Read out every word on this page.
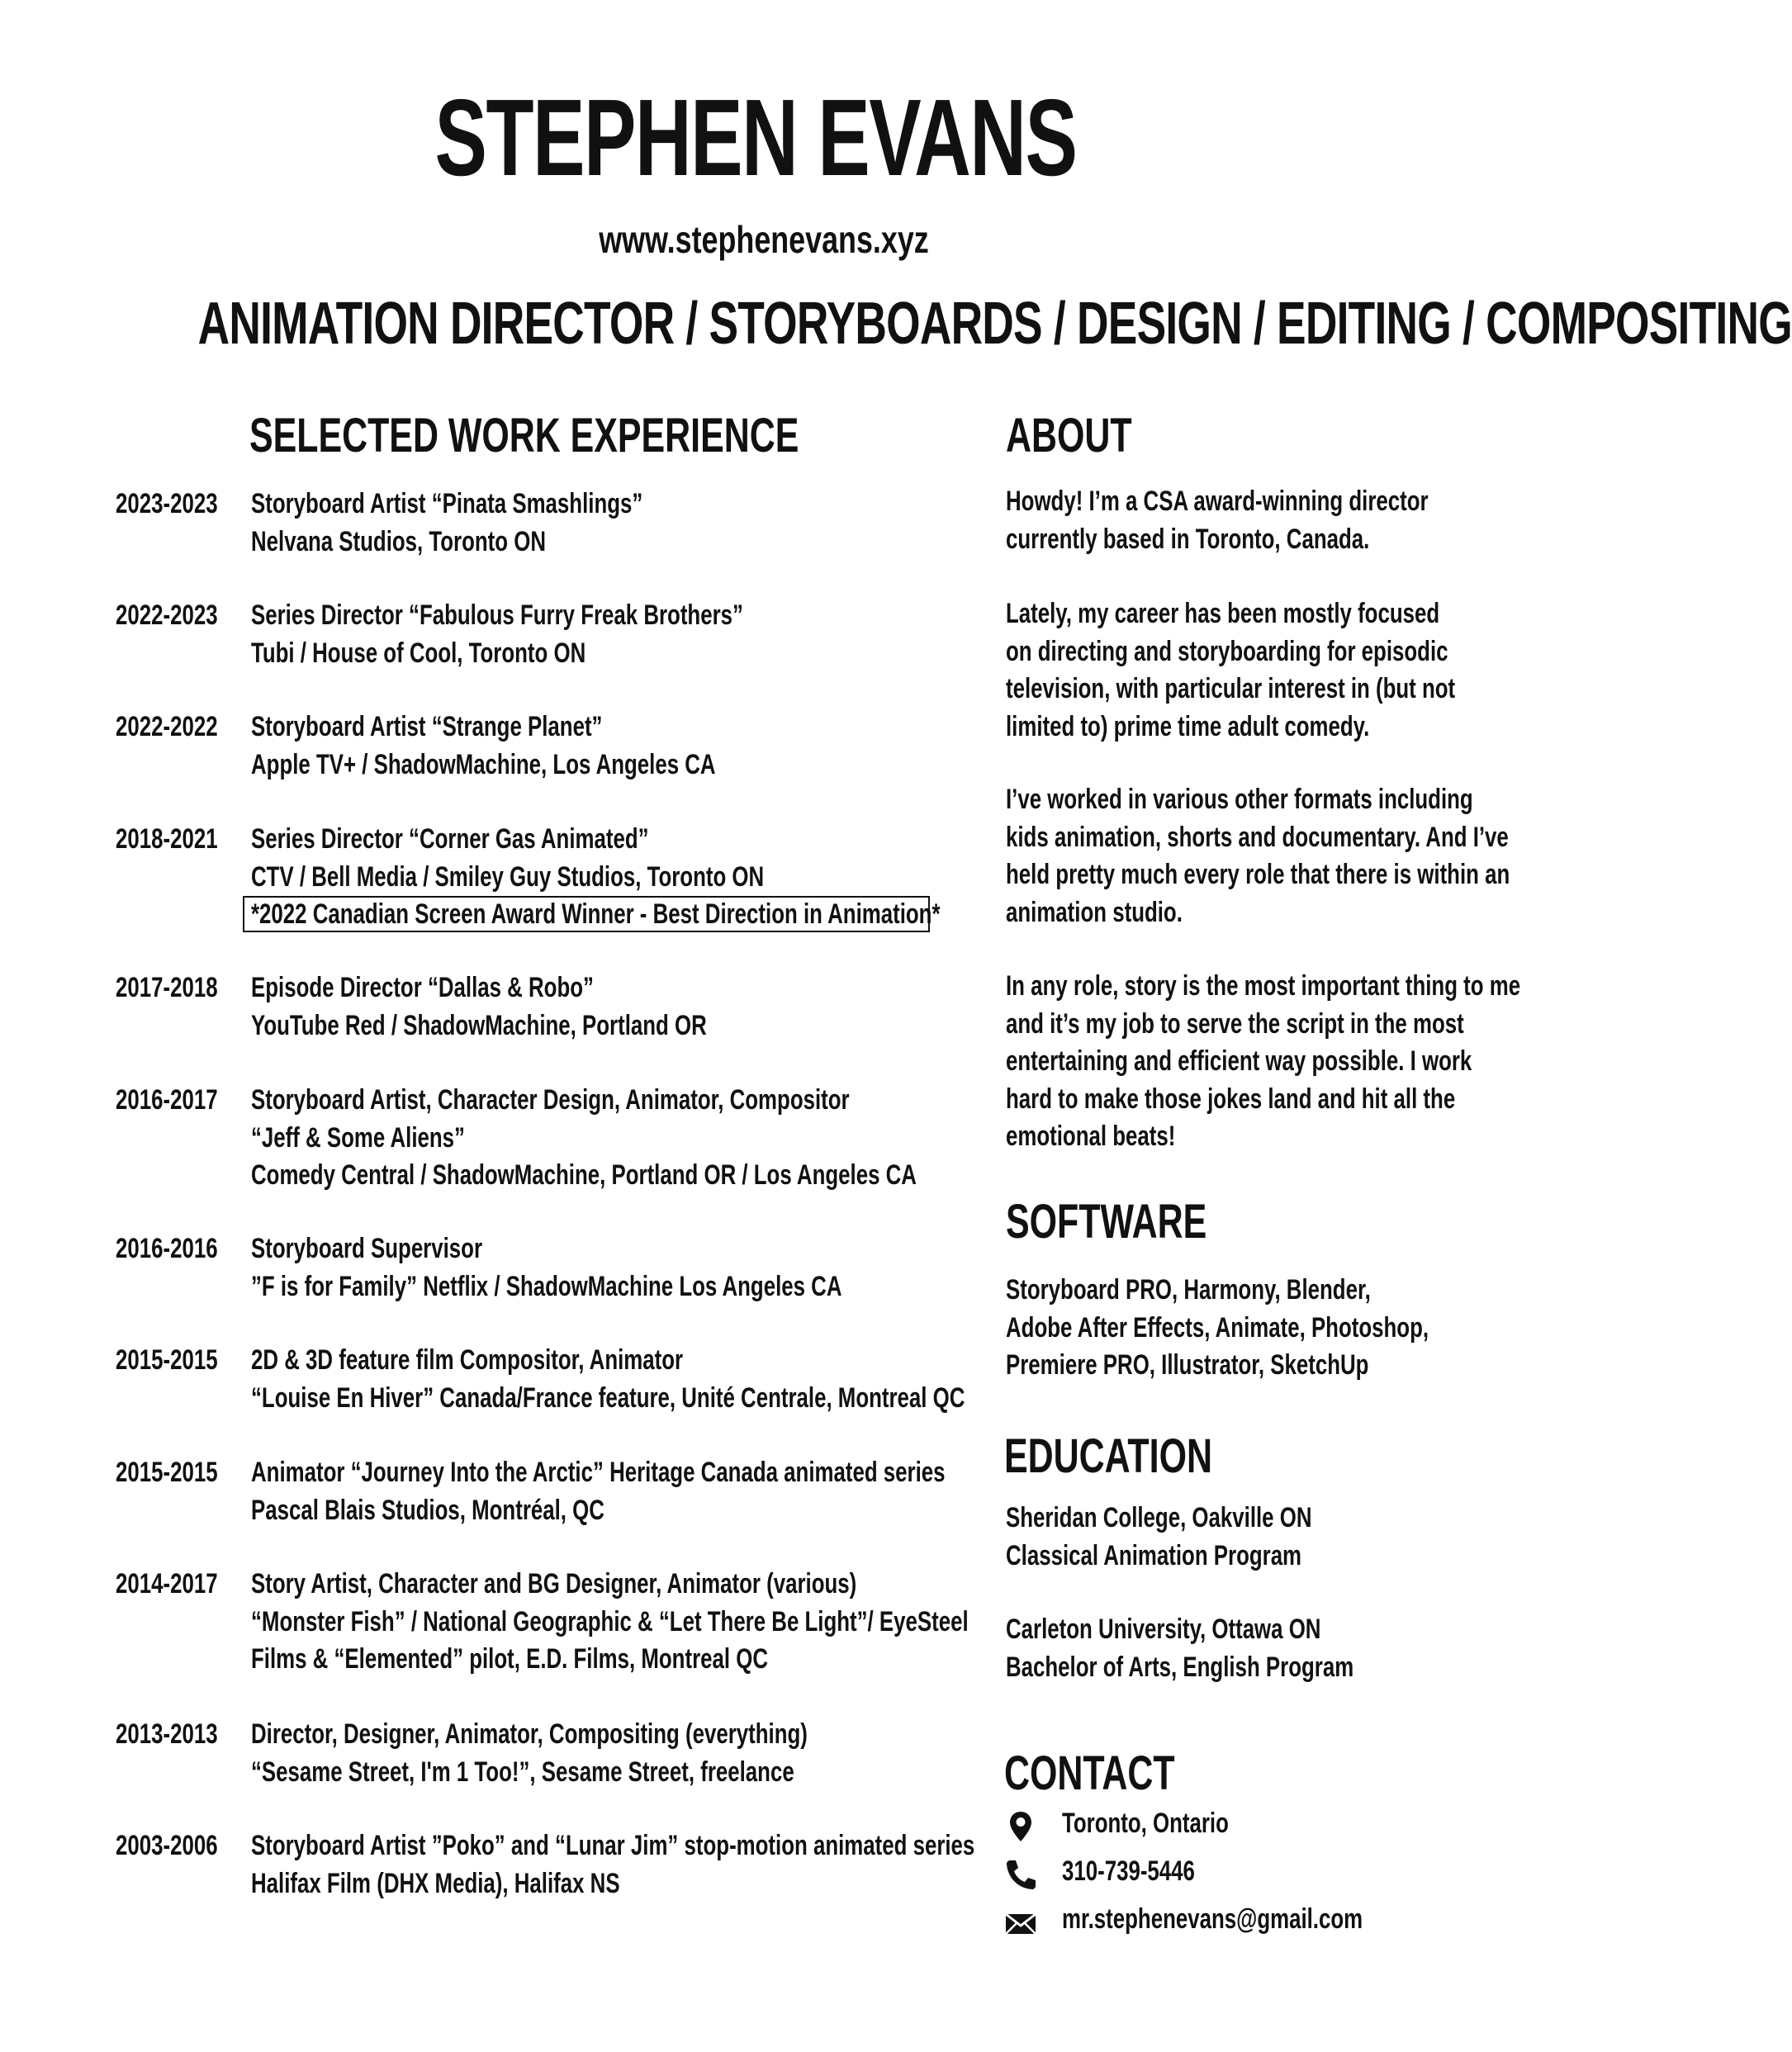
STEPHEN EVANS
www.stephenevans.xyz
ANIMATION DIRECTOR / STORYBOARDS / DESIGN / EDITING / COMPOSITING
SELECTED WORK EXPERIENCE
2023-2023 Storyboard Artist “Pinata Smashlings”
Nelvana Studios, Toronto ON
2022-2023 Series Director “Fabulous Furry Freak Brothers”
Tubi / House of Cool, Toronto ON
2022-2022 Storyboard Artist “Strange Planet”
Apple TV+ / ShadowMachine, Los Angeles CA
2018-2021 Series Director “Corner Gas Animated”
CTV / Bell Media / Smiley Guy Studios, Toronto ON
*2022 Canadian Screen Award Winner - Best Direction in Animation*
2017-2018 Episode Director “Dallas & Robo”
YouTube Red / ShadowMachine, Portland OR
2016-2017 Storyboard Artist, Character Design, Animator, Compositor
“Jeff & Some Aliens”
Comedy Central / ShadowMachine, Portland OR / Los Angeles CA
2016-2016 Storyboard Supervisor
”F is for Family” Netflix / ShadowMachine Los Angeles CA
2015-2015 2D & 3D feature film Compositor, Animator
“Louise En Hiver” Canada/France feature, Unité Centrale, Montreal QC
2015-2015 Animator “Journey Into the Arctic” Heritage Canada animated series
Pascal Blais Studios, Montréal, QC
2014-2017 Story Artist, Character and BG Designer, Animator (various)
“Monster Fish” / National Geographic & “Let There Be Light”/ EyeSteel
Films & “Elemented” pilot, E.D. Films, Montreal QC
2013-2013 Director, Designer, Animator, Compositing (everything)
“Sesame Street, I'm 1 Too!”, Sesame Street, freelance
2003-2006 Storyboard Artist ”Poko” and “Lunar Jim” stop-motion animated series
Halifax Film (DHX Media), Halifax NS
ABOUT
Howdy! I’m a CSA award-winning director
currently based in Toronto, Canada.
Lately, my career has been mostly focused
on directing and storyboarding for episodic
television, with particular interest in (but not
limited to) prime time adult comedy.
I’ve worked in various other formats including
kids animation, shorts and documentary. And I’ve
held pretty much every role that there is within an
animation studio.
In any role, story is the most important thing to me
and it’s my job to serve the script in the most
entertaining and efficient way possible. I work
hard to make those jokes land and hit all the
emotional beats!
SOFTWARE
Storyboard PRO, Harmony, Blender,
Adobe After Effects, Animate, Photoshop,
Premiere PRO, Illustrator, SketchUp
EDUCATION
Sheridan College, Oakville ON
Classical Animation Program
Carleton University, Ottawa ON
Bachelor of Arts, English Program
CONTACT
Toronto, Ontario
310-739-5446
mr.stephenevans@gmail.com
